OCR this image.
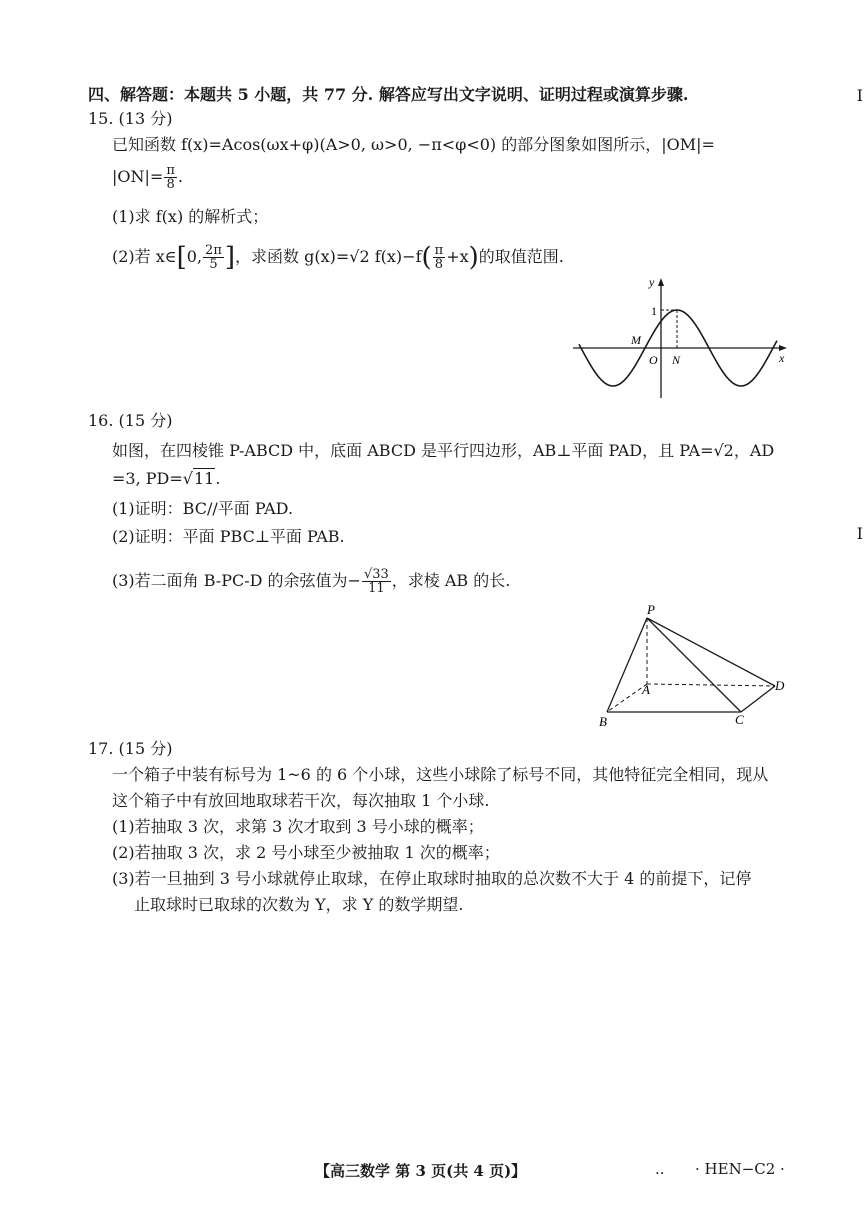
四、解答题：本题共 5 小题，共 77 分. 解答应写出文字说明、证明过程或演算步骤.	I
15. (13 分)
已知函数 f(x)=Acos(ωx+φ)(A>0, ω>0, −π<φ<0) 的部分图象如图所示，|OM|=
$|ON|= \frac{\pi}{8}$ .
(1)求 f(x) 的解析式；
(2)若 x∈[0, $\frac{2\pi}{5}$ ]，求函数 g(x)=√2 $f(x)-f( \frac{\pi}{8} +x)$的取值范围.
y
x
1
M
O N
16. (15 分)
如图，在四棱锥 P-ABCD 中，底面 ABCD 是平行四边形，AB⊥平面 PAD，且 PA=√2，AD
=3, PD=√11.
(1)证明：BC//平面 PAD.
(2)证明：平面 PBC⊥平面 PAB.	I
(3)若二面角 B-PC-D 的余弦值为− $\frac{√33}{11}$ ，求棱 AB 的长.
P
A
B	C
D
17. (15 分)
一个箱子中装有标号为 1~6 的 6 个小球，这些小球除了标号不同，其他特征完全相同，现从
这个箱子中有放回地取球若干次，每次抽取 1 个小球.
(1)若抽取 3 次，求第 3 次才取到 3 号小球的概率；
(2)若抽取 3 次，求 2 号小球至少被抽取 1 次的概率；
(3)若一旦抽到 3 号小球就停止取球，在停止取球时抽取的总次数不大于 4 的前提下，记停
止取球时已取球的次数为 Y，求 Y 的数学期望.
【高三数学 第 3 页(共 4 页)】	.. · HEN−C2 ·
